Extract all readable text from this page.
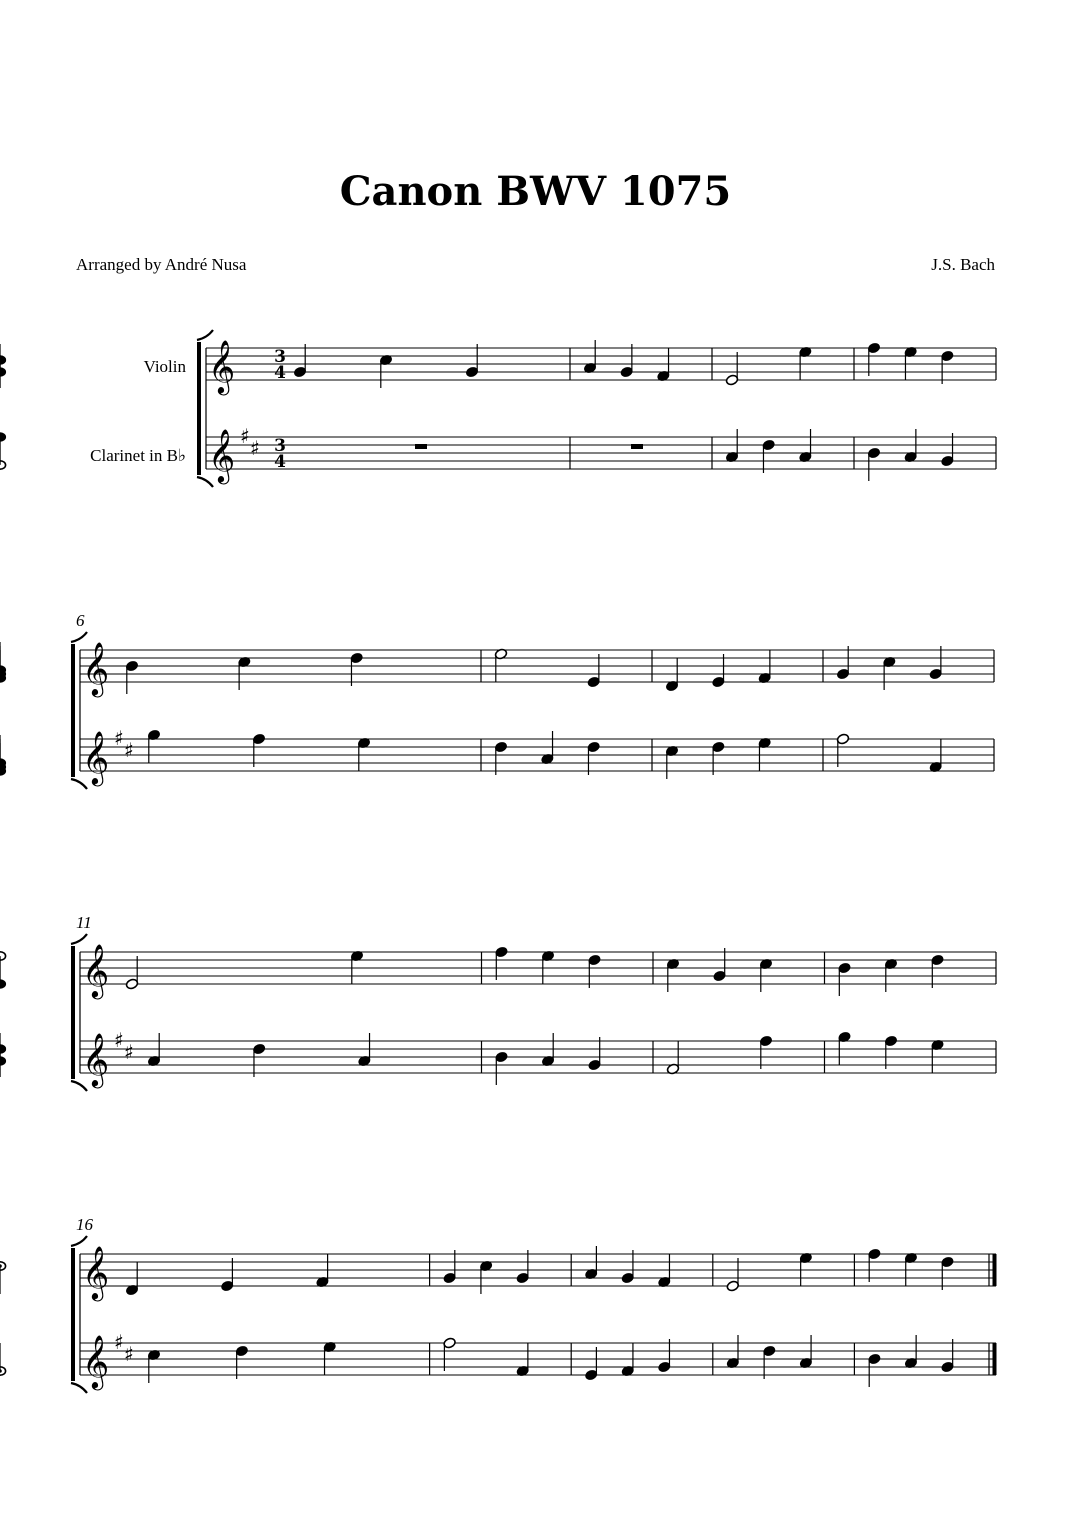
Canon BWV 1075
Arranged by André Nusa	J.S. Bach
♯ ♯
Violin
Clarinet in B♭
𝄞 3
4
𝄞 3
4
♯ ♯
6
𝄞
𝄞
♯ ♯
11
𝄞
𝄞
♯ ♯
16
𝄞
𝄞
